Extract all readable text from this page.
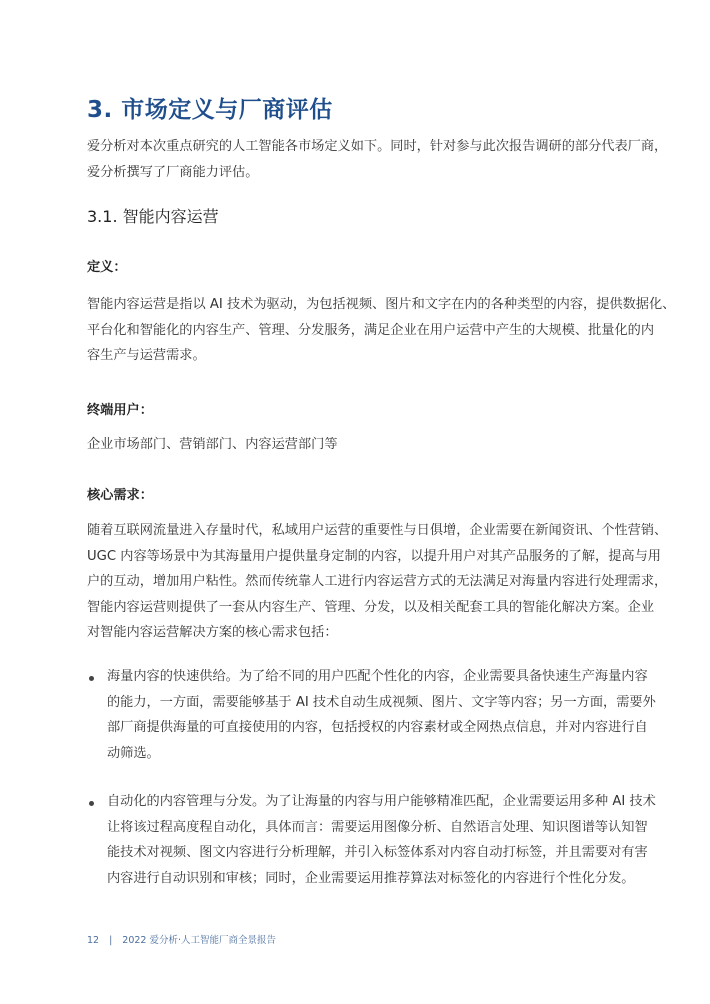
3. 市场定义与厂商评估
爱分析对本次重点研究的人工智能各市场定义如下。同时，针对参与此次报告调研的部分代表厂商，
爱分析撰写了厂商能力评估。
3.1. 智能内容运营
定义：
智能内容运营是指以 AI 技术为驱动，为包括视频、图片和文字在内的各种类型的内容，提供数据化、
平台化和智能化的内容生产、管理、分发服务，满足企业在用户运营中产生的大规模、批量化的内
容生产与运营需求。
终端用户：
企业市场部门、营销部门、内容运营部门等
核心需求：
随着互联网流量进入存量时代，私域用户运营的重要性与日俱增，企业需要在新闻资讯、个性营销、
UGC 内容等场景中为其海量用户提供量身定制的内容，以提升用户对其产品服务的了解，提高与用
户的互动，增加用户粘性。然而传统靠人工进行内容运营方式的无法满足对海量内容进行处理需求，
智能内容运营则提供了一套从内容生产、管理、分发，以及相关配套工具的智能化解决方案。企业
对智能内容运营解决方案的核心需求包括：
海量内容的快速供给。为了给不同的用户匹配个性化的内容，企业需要具备快速生产海量内容
的能力，一方面，需要能够基于 AI 技术自动生成视频、图片、文字等内容；另一方面，需要外
部厂商提供海量的可直接使用的内容，包括授权的内容素材或全网热点信息，并对内容进行自
动筛选。
自动化的内容管理与分发。为了让海量的内容与用户能够精准匹配，企业需要运用多种 AI 技术
让将该过程高度程自动化，具体而言：需要运用图像分析、自然语言处理、知识图谱等认知智
能技术对视频、图文内容进行分析理解，并引入标签体系对内容自动打标签，并且需要对有害
内容进行自动识别和审核；同时，企业需要运用推荐算法对标签化的内容进行个性化分发。
12 | 2022 爱分析·人工智能厂商全景报告
